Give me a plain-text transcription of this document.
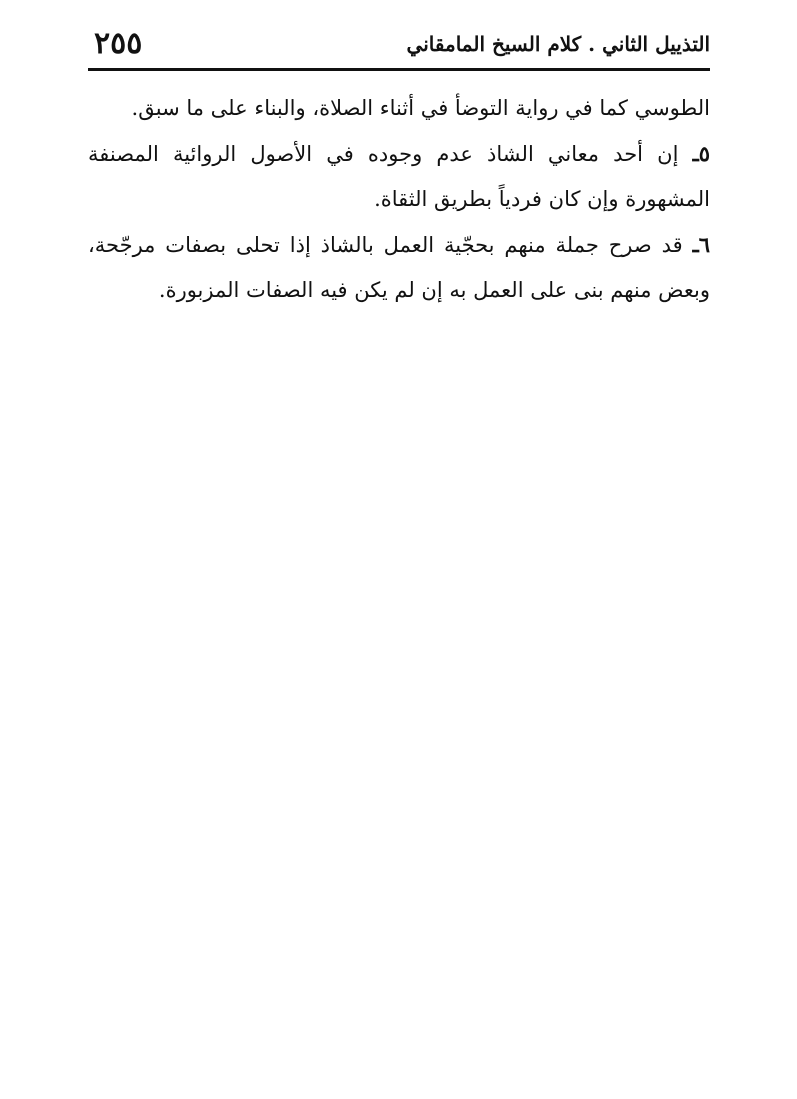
التذييل الثاني . كلام السيخ المامقاني
٢٥٥

الطوسي كما في رواية التوضأ في أثناء الصلاة، والبناء على ما سبق.

٥ـ إن أحد معاني الشاذ عدم وجوده في الأصول الروائية المصنفة المشهورة وإن كان فردياً بطريق الثقاة.

٦ـ قد صرح جملة منهم بحجّية العمل بالشاذ إذا تحلى بصفات مرجّحة، وبعض منهم بنى على العمل به إن لم يكن فيه الصفات المزبورة.
